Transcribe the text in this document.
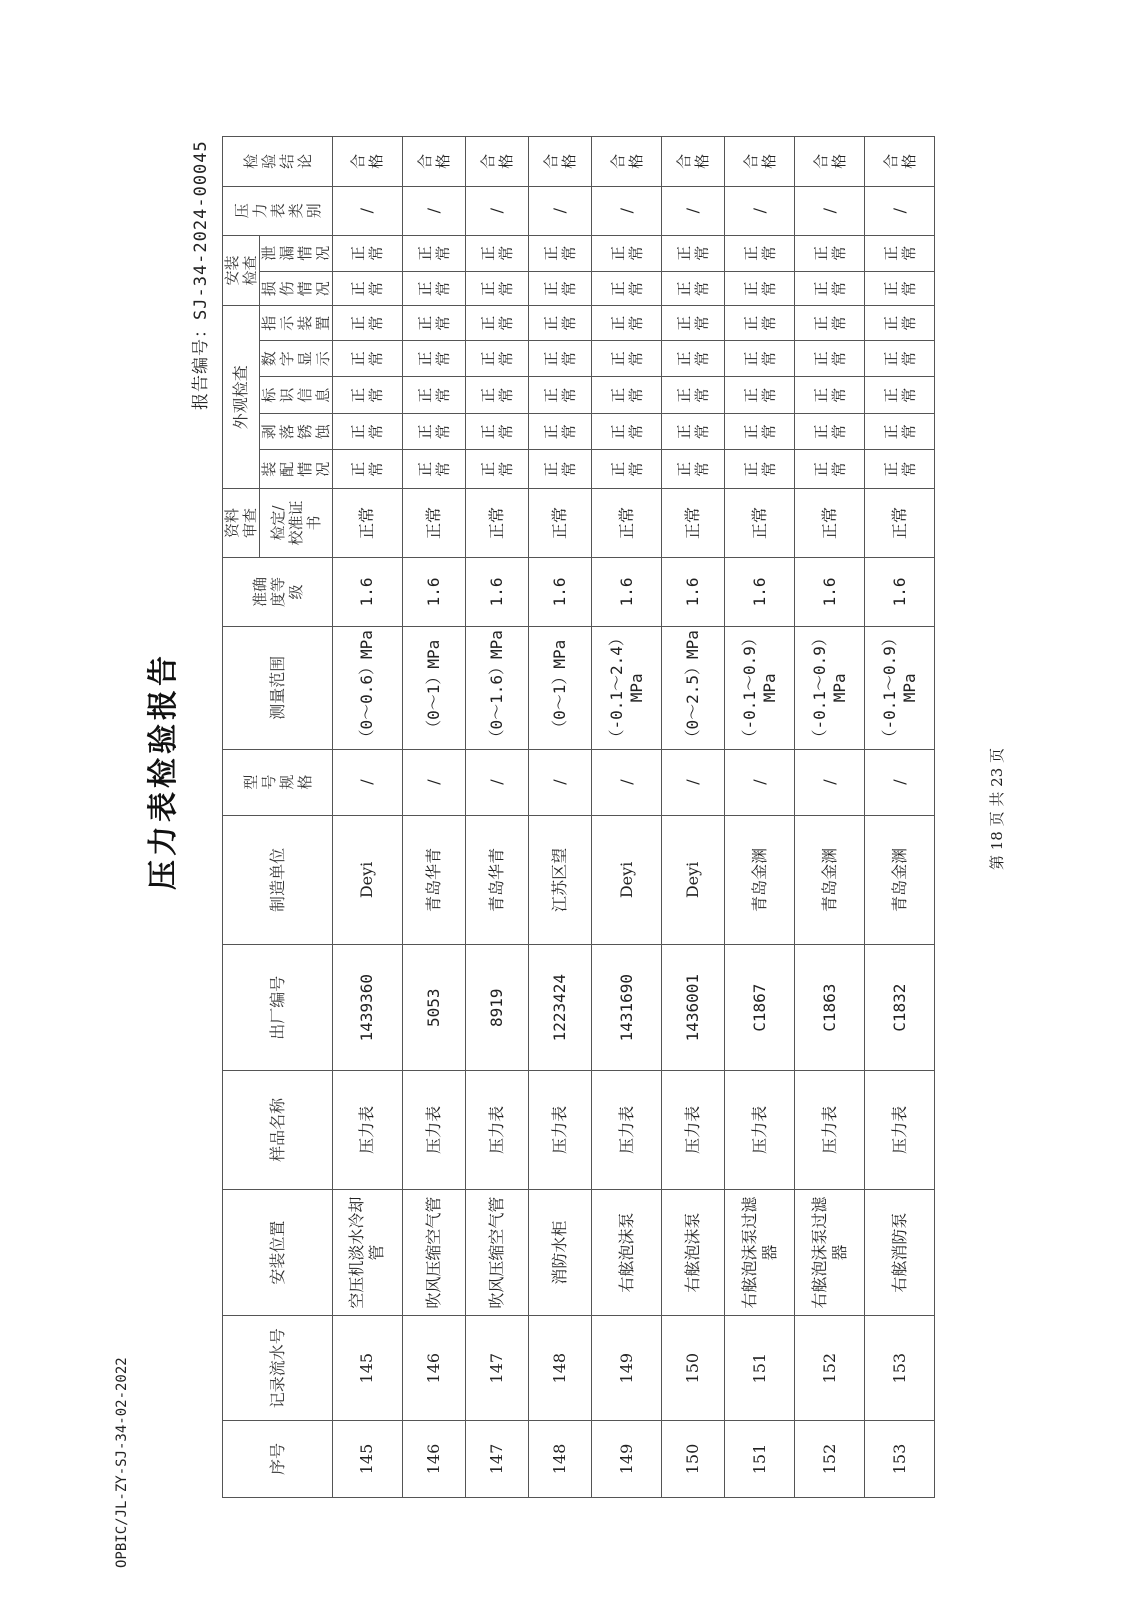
OPBIC/JL-ZY-SJ-34-02-2022
压力表检验报告
报告编号：SJ-34-2024-00045
序号	记录流水号	安装位置	样品名称	出厂编号	制造单位	型号规格	测量范围	准确度等级	资料审查	外观检查					安装检查		压力表类别	检验结论

									检定/校准证书	装配情况	剥落锈蚀	标识信息	数字显示	指示装置	损伤情况	泄漏情况		

145	145	空压机淡水冷却管	压力表	1439360	Deyi	/	（0～0.6）MPa	1.6	正常	正常	正常	正常	正常	正常	正常	正常	/	合格

146	146	吹风压缩空气管	压力表	5053	青岛华青	/	（0～1）MPa	1.6	正常	正常	正常	正常	正常	正常	正常	正常	/	合格

147	147	吹风压缩空气管	压力表	8919	青岛华青	/	（0～1.6）MPa	1.6	正常	正常	正常	正常	正常	正常	正常	正常	/	合格

148	148	消防水柜	压力表	1223424	江苏区望	/	（0～1）MPa	1.6	正常	正常	正常	正常	正常	正常	正常	正常	/	合格

149	149	右舷泡沫泵	压力表	1431690	Deyi	/	（-0.1～2.4）MPa	1.6	正常	正常	正常	正常	正常	正常	正常	正常	/	合格

150	150	右舷泡沫泵	压力表	1436001	Deyi	/	（0～2.5）MPa	1.6	正常	正常	正常	正常	正常	正常	正常	正常	/	合格

151	151	右舷泡沫泵过滤器	压力表	C1867	青岛金渊	/	（-0.1～0.9）MPa	1.6	正常	正常	正常	正常	正常	正常	正常	正常	/	合格

152	152	右舷泡沫泵过滤器	压力表	C1863	青岛金渊	/	（-0.1～0.9）MPa	1.6	正常	正常	正常	正常	正常	正常	正常	正常	/	合格

153	153	右舷消防泵	压力表	C1832	青岛金渊	/	（-0.1～0.9）MPa	1.6	正常	正常	正常	正常	正常	正常	正常	正常	/	合格
第 18 页 共 23 页
